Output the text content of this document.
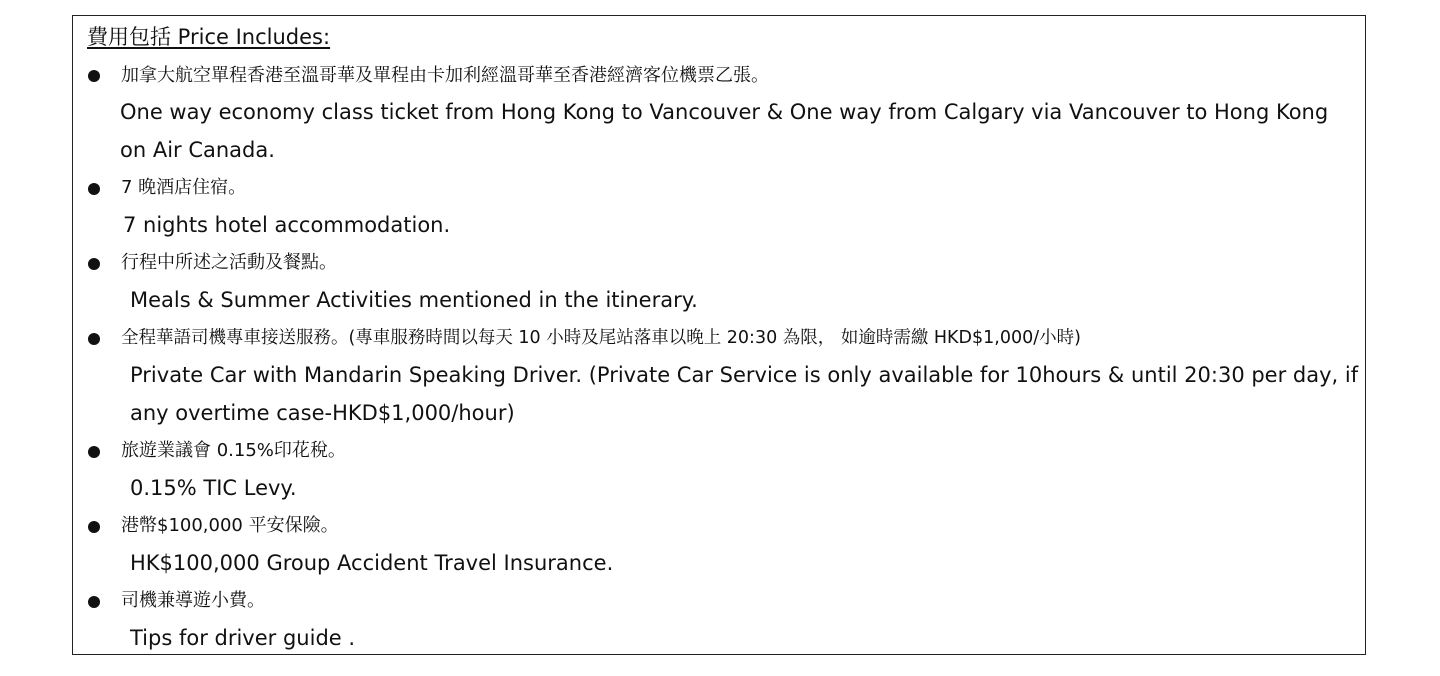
費用包括 Price Includes:
加拿大航空單程香港至溫哥華及單程由卡加利經溫哥華至香港經濟客位機票乙張。
One way economy class ticket from Hong Kong to Vancouver & One way from Calgary via Vancouver to Hong Kong
on Air Canada.
7 晚酒店住宿。
7 nights hotel accommodation.
行程中所述之活動及餐點。
Meals & Summer Activities mentioned in the itinerary.
全程華語司機專車接送服務。(專車服務時間以每天 10 小時及尾站落車以晚上 20:30 為限， 如逾時需繳 HKD$1,000/小時)
Private Car with Mandarin Speaking Driver. (Private Car Service is only available for 10hours & until 20:30 per day, if
any overtime case-HKD$1,000/hour)
旅遊業議會 0.15%印花稅。
0.15% TIC Levy.
港幣$100,000 平安保險。
HK$100,000 Group Accident Travel Insurance.
司機兼導遊小費。
Tips for driver guide .
